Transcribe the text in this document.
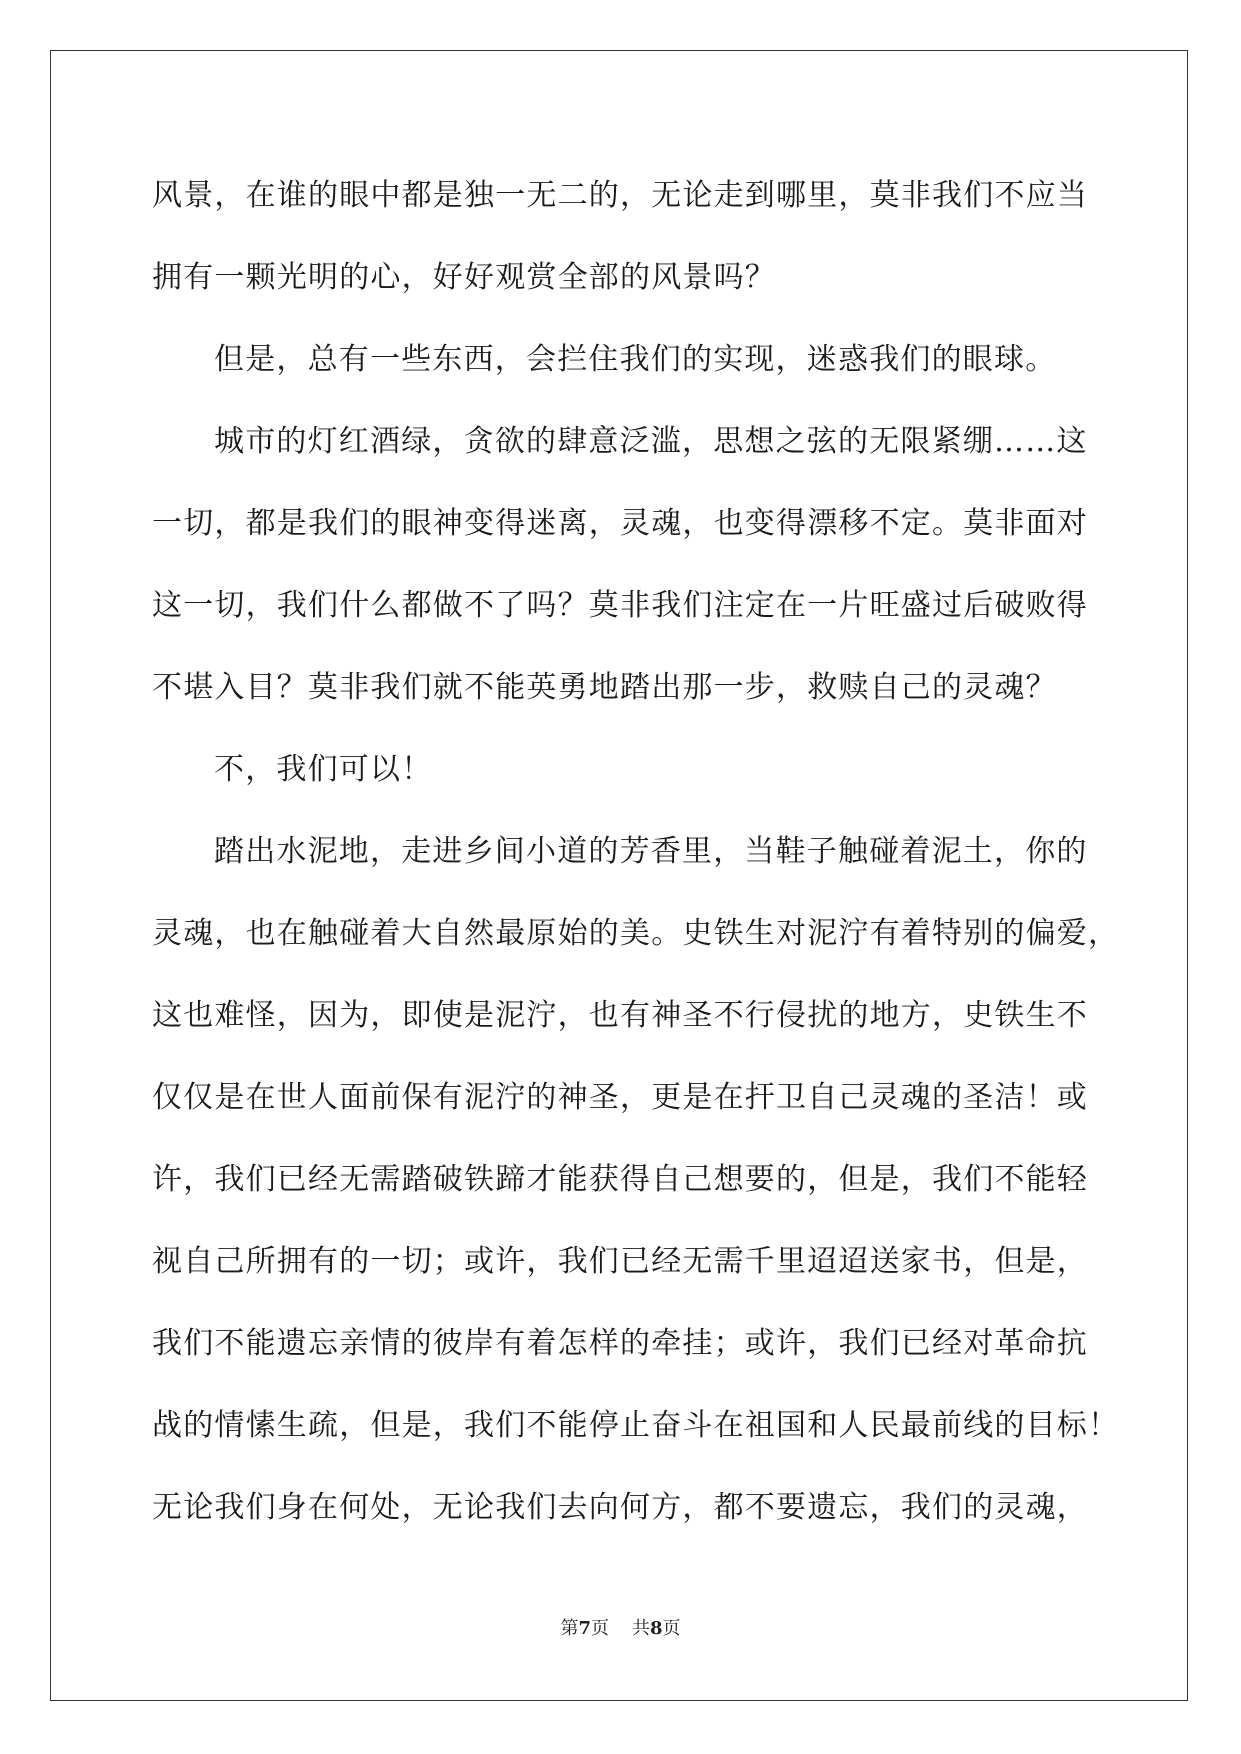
风景，在谁的眼中都是独一无二的，无论走到哪里，莫非我们不应当
拥有一颗光明的心，好好观赏全部的风景吗？
但是，总有一些东西，会拦住我们的实现，迷惑我们的眼球。
城市的灯红酒绿，贪欲的肆意泛滥，思想之弦的无限紧绷……这
一切，都是我们的眼神变得迷离，灵魂，也变得漂移不定。莫非面对
这一切，我们什么都做不了吗？莫非我们注定在一片旺盛过后破败得
不堪入目？莫非我们就不能英勇地踏出那一步，救赎自己的灵魂？
不，我们可以！
踏出水泥地，走进乡间小道的芳香里，当鞋子触碰着泥土，你的
灵魂，也在触碰着大自然最原始的美。史铁生对泥泞有着特别的偏爱，
这也难怪，因为，即使是泥泞，也有神圣不行侵扰的地方，史铁生不
仅仅是在世人面前保有泥泞的神圣，更是在扞卫自己灵魂的圣洁！或
许，我们已经无需踏破铁蹄才能获得自己想要的，但是，我们不能轻
视自己所拥有的一切；或许，我们已经无需千里迢迢送家书，但是，
我们不能遗忘亲情的彼岸有着怎样的牵挂；或许，我们已经对革命抗
战的情愫生疏，但是，我们不能停止奋斗在祖国和人民最前线的目标！
无论我们身在何处，无论我们去向何方，都不要遗忘，我们的灵魂，
第7页 共8页
